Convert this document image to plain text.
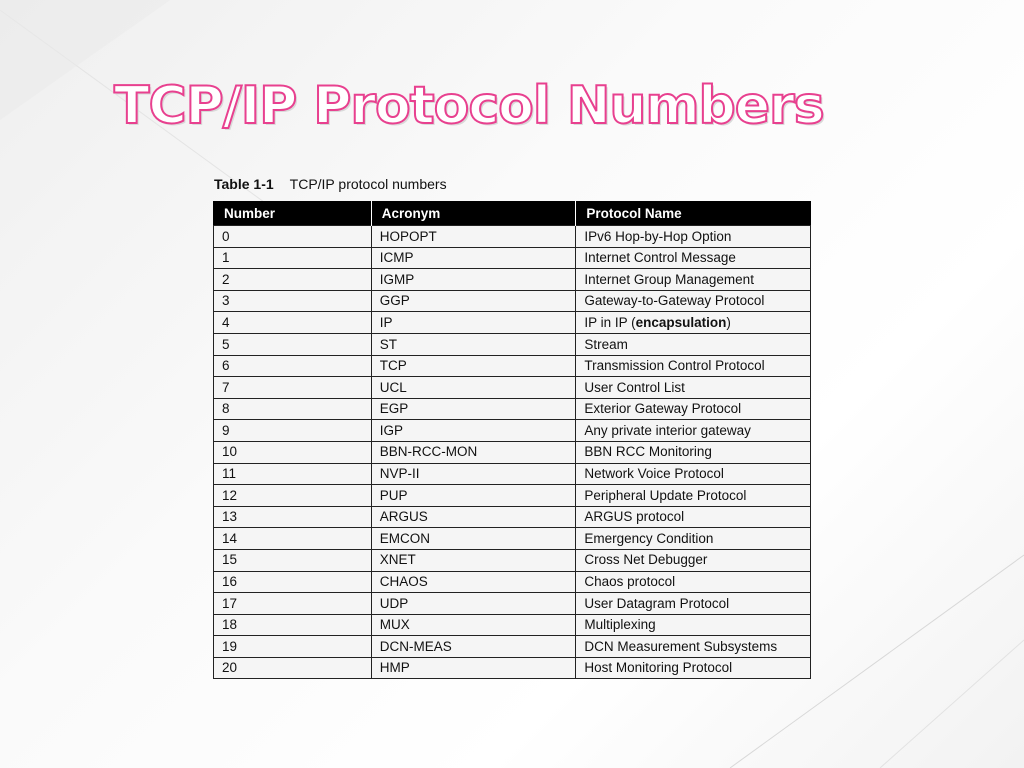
TCP/IP Protocol Numbers
Table 1-1 TCP/IP protocol numbers
Number	Acronym	Protocol Name
0	HOPOPT	IPv6 Hop-by-Hop Option
1	ICMP	Internet Control Message
2	IGMP	Internet Group Management
3	GGP	Gateway-to-Gateway Protocol
4	IP	IP in IP (encapsulation)
5	ST	Stream
6	TCP	Transmission Control Protocol
7	UCL	User Control List
8	EGP	Exterior Gateway Protocol
9	IGP	Any private interior gateway
10	BBN-RCC-MON	BBN RCC Monitoring
11	NVP-II	Network Voice Protocol
12	PUP	Peripheral Update Protocol
13	ARGUS	ARGUS protocol
14	EMCON	Emergency Condition
15	XNET	Cross Net Debugger
16	CHAOS	Chaos protocol
17	UDP	User Datagram Protocol
18	MUX	Multiplexing
19	DCN-MEAS	DCN Measurement Subsystems
20	HMP	Host Monitoring Protocol
